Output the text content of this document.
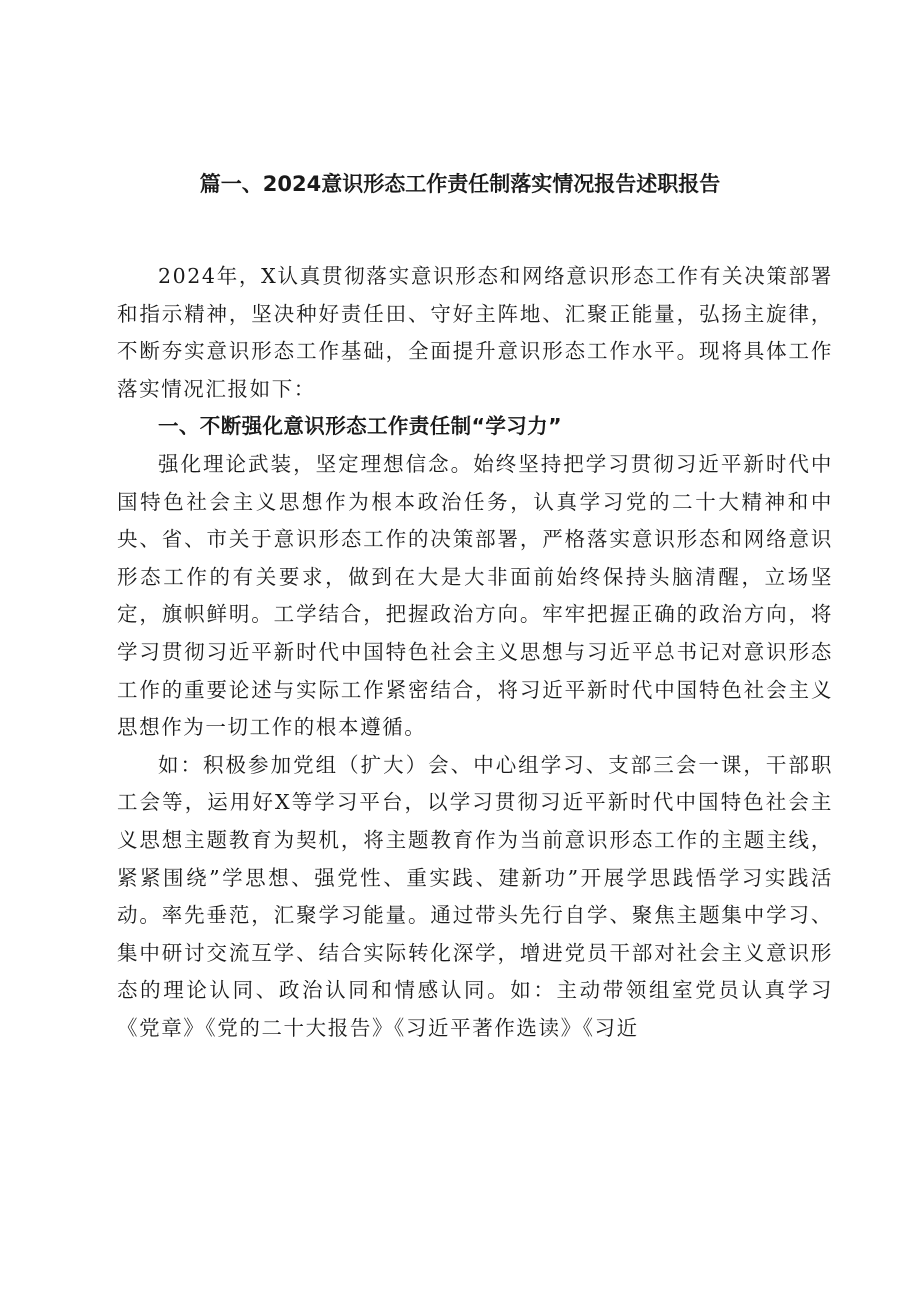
篇一、2024意识形态工作责任制落实情况报告述职报告

2024年，X认真贯彻落实意识形态和网络意识形态工作有关决策部署和指示精神，坚决种好责任田、守好主阵地、汇聚正能量，弘扬主旋律，不断夯实意识形态工作基础，全面提升意识形态工作水平。现将具体工作落实情况汇报如下：

一、不断强化意识形态工作责任制“学习力”

强化理论武装，坚定理想信念。始终坚持把学习贯彻习近平新时代中国特色社会主义思想作为根本政治任务，认真学习党的二十大精神和中央、省、市关于意识形态工作的决策部署，严格落实意识形态和网络意识形态工作的有关要求，做到在大是大非面前始终保持头脑清醒，立场坚定，旗帜鲜明。工学结合，把握政治方向。牢牢把握正确的政治方向，将学习贯彻习近平新时代中国特色社会主义思想与习近平总书记对意识形态工作的重要论述与实际工作紧密结合，将习近平新时代中国特色社会主义思想作为一切工作的根本遵循。

如：积极参加党组（扩大）会、中心组学习、支部三会一课，干部职工会等，运用好X等学习平台，以学习贯彻习近平新时代中国特色社会主义思想主题教育为契机，将主题教育作为当前意识形态工作的主题主线，紧紧围绕”学思想、强党性、重实践、建新功”开展学思践悟学习实践活动。率先垂范，汇聚学习能量。通过带头先行自学、聚焦主题集中学习、集中研讨交流互学、结合实际转化深学，增进党员干部对社会主义意识形态的理论认同、政治认同和情感认同。如：主动带领组室党员认真学习《党章》《党的二十大报告》《习近平著作选读》《习近
